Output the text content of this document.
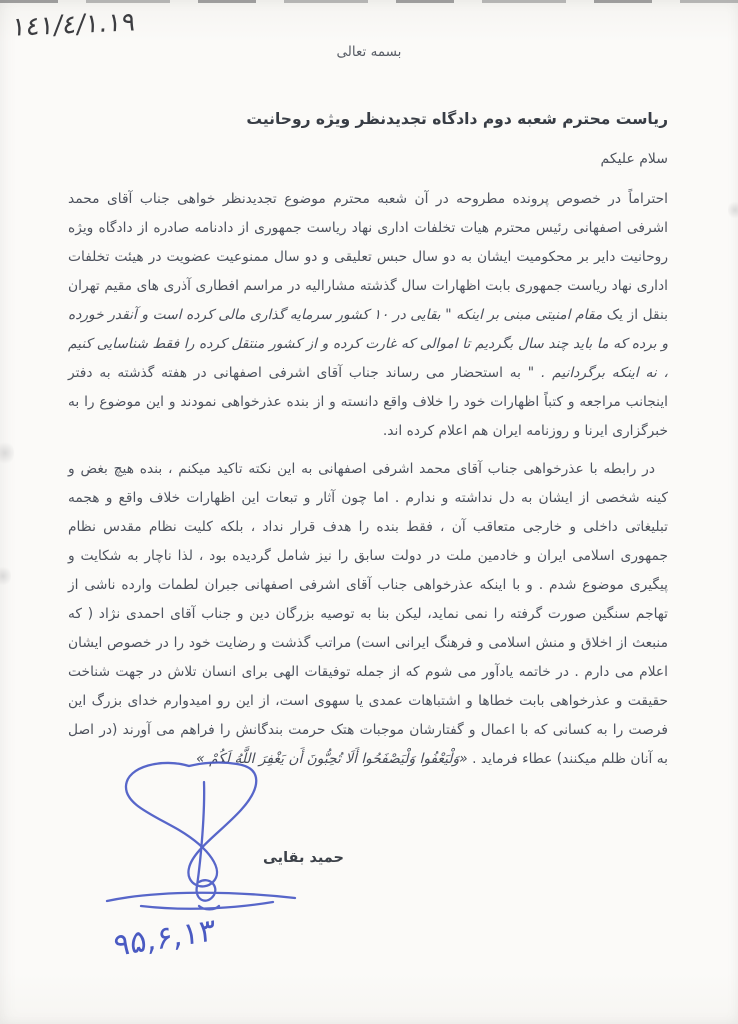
١٤١/٤/١.١٩
بسمه تعالی
ریاست محترم شعبه دوم دادگاه تجدیدنظر ویژه روحانیت
سلام علیکم

احتراماً در خصوص پرونده مطروحه در آن شعبه محترم موضوع تجدیدنظر خواهی جناب آقای محمد اشرفی اصفهانی رئیس محترم هیات تخلفات اداری نهاد ریاست جمهوری از دادنامه صادره از دادگاه ویژه روحانیت دایر بر محکومیت ایشان به دو سال حبس تعلیقی و دو سال ممنوعیت عضویت در هیئت تخلفات اداری نهاد ریاست جمهوری بابت اظهارات سال گذشته مشارالیه در مراسم افطاری آذری های مقیم تهران بنقل از یک مقام امنیتی مبنی بر اینکه " بقایی در ۱۰ کشور سرمایه گذاری مالی کرده است و آنقدر خورده و برده که ما باید چند سال بگردیم تا اموالی که غارت کرده و از کشور منتقل کرده را فقط شناسایی کنیم ، نه اینکه برگردانیم . " به استحضار می رساند جناب آقای اشرفی اصفهانی در هفته گذشته به دفتر اینجانب مراجعه و کتباً اظهارات خود را خلاف واقع دانسته و از بنده عذرخواهی نمودند و این موضوع را به خبرگزاری ایرنا و روزنامه ایران هم اعلام کرده اند.

در رابطه با عذرخواهی جناب آقای محمد اشرفی اصفهانی به این نکته تاکید میکنم ، بنده هیچ بغض و کینه شخصی از ایشان به دل نداشته و ندارم . اما چون آثار و تبعات این اظهارات خلاف واقع و هجمه تبلیغاتی داخلی و خارجی متعاقب آن ، فقط بنده را هدف قرار نداد ، بلکه کلیت نظام مقدس نظام جمهوری اسلامی ایران و خادمین ملت در دولت سابق را نیز شامل گردیده بود ، لذا ناچار به شکایت و پیگیری موضوع شدم . و با اینکه عذرخواهی جناب آقای اشرفی اصفهانی جبران لطمات وارده ناشی از تهاجم سنگین صورت گرفته را نمی نماید، لیکن بنا به توصیه بزرگان دین و جناب آقای احمدی نژاد ( که منبعث از اخلاق و منش اسلامی و فرهنگ ایرانی است) مراتب گذشت و رضایت خود را در خصوص ایشان اعلام می دارم . در خاتمه یادآور می شوم که از جمله توفیقات الهی برای انسان تلاش در جهت شناخت حقیقت و عذرخواهی بابت خطاها و اشتباهات عمدی یا سهوی است، از این رو امیدوارم خدای بزرگ این فرصت را به کسانی که با اعمال و گفتارشان موجبات هتک حرمت بندگانش را فراهم می آورند (در اصل به آنان ظلم میکنند) عطاء فرماید . «وَلْيَعْفُوا وَلْيَصْفَحُوا أَلَا تُحِبُّونَ أَن يَغْفِرَ اللَّهُ لَكُمْ »

حمید بقایی
۹۵,۶,۱۳
